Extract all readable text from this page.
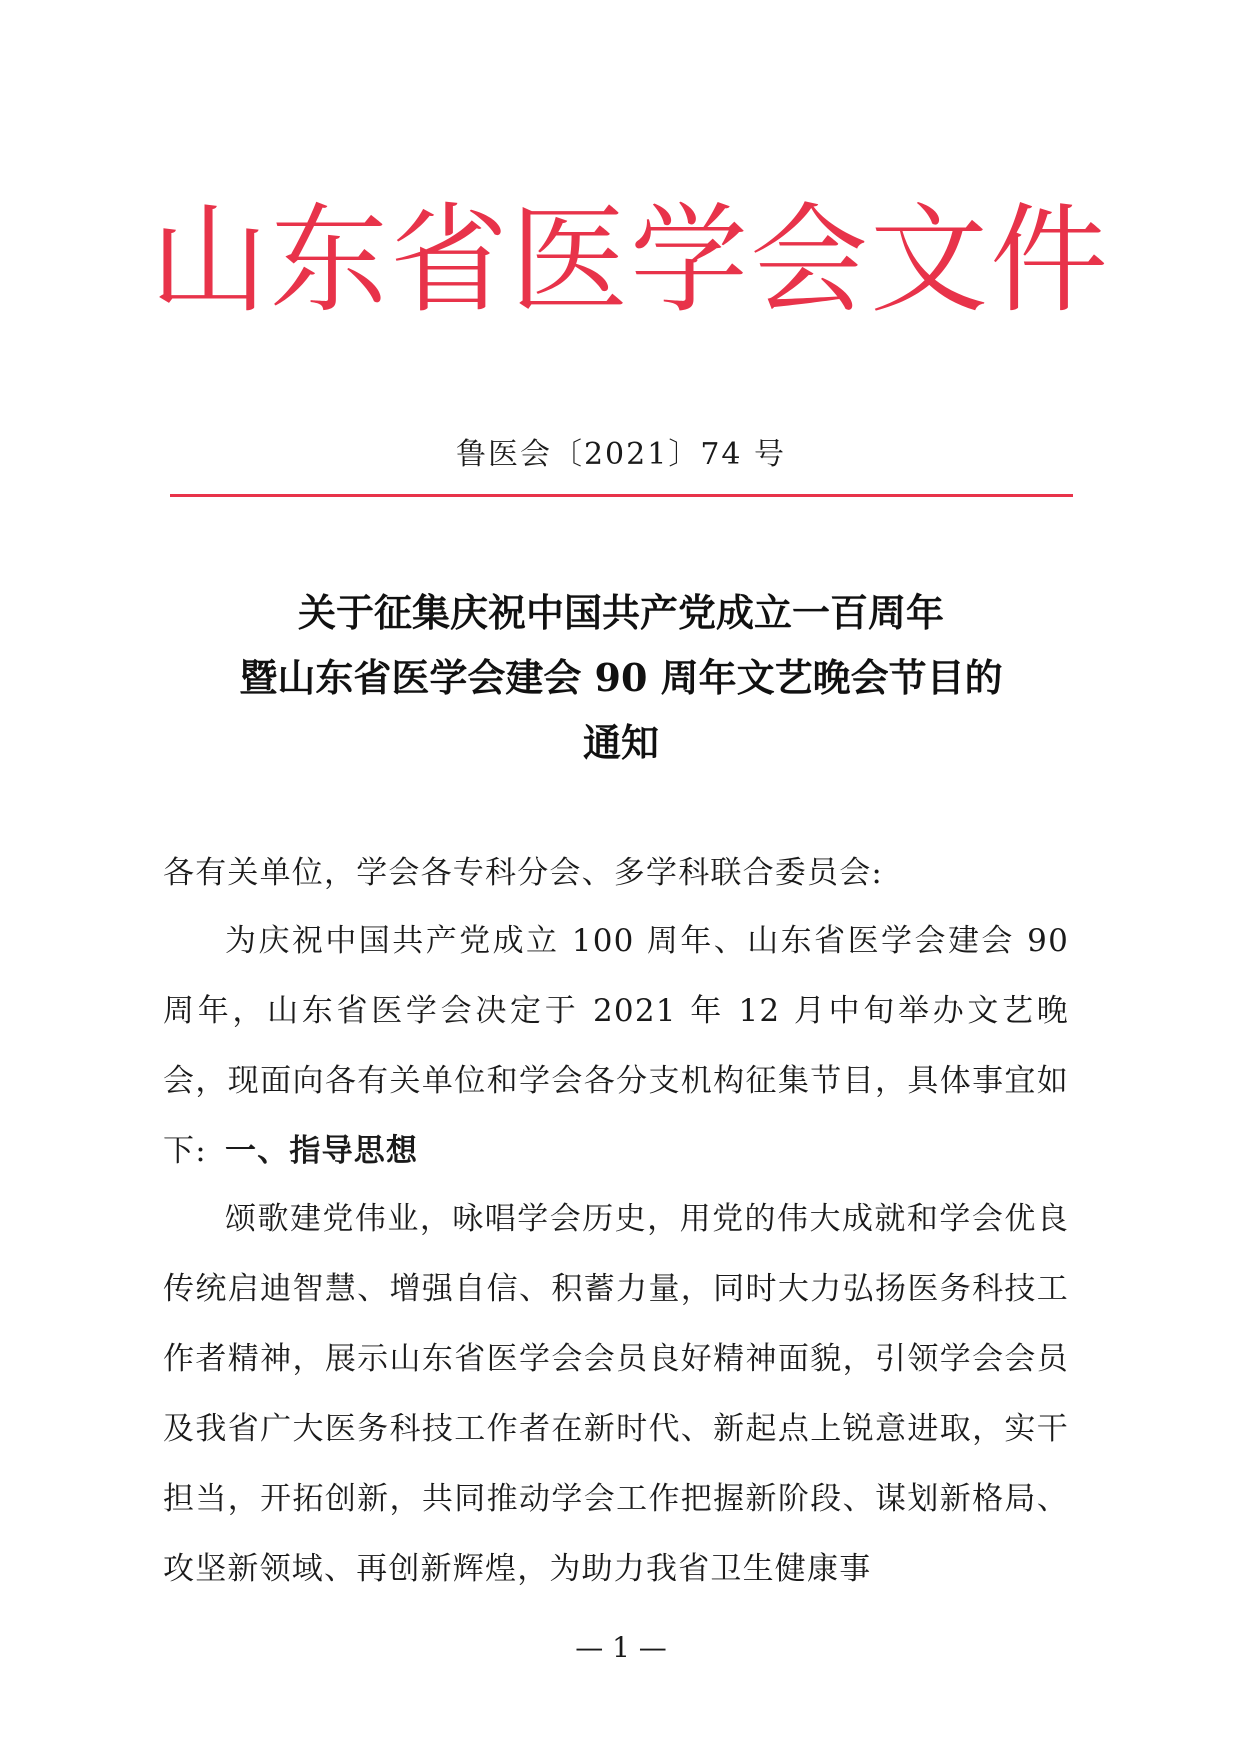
山东省医学会文件
鲁医会〔2021〕74 号
关于征集庆祝中国共产党成立一百周年
暨山东省医学会建会 90 周年文艺晚会节目的
通知
各有关单位，学会各专科分会、多学科联合委员会:
为庆祝中国共产党成立 100 周年、山东省医学会建会 90 周年，山东省医学会决定于 2021 年 12 月中旬举办文艺晚会，现面向各有关单位和学会各分支机构征集节目，具体事宜如下: 一、指导思想
颂歌建党伟业，咏唱学会历史，用党的伟大成就和学会优良传统启迪智慧、增强自信、积蓄力量，同时大力弘扬医务科技工作者精神，展示山东省医学会会员良好精神面貌，引领学会会员及我省广大医务科技工作者在新时代、新起点上锐意进取，实干担当，开拓创新，共同推动学会工作把握新阶段、谋划新格局、攻坚新领域、再创新辉煌，为助力我省卫生健康事
— 1 —
